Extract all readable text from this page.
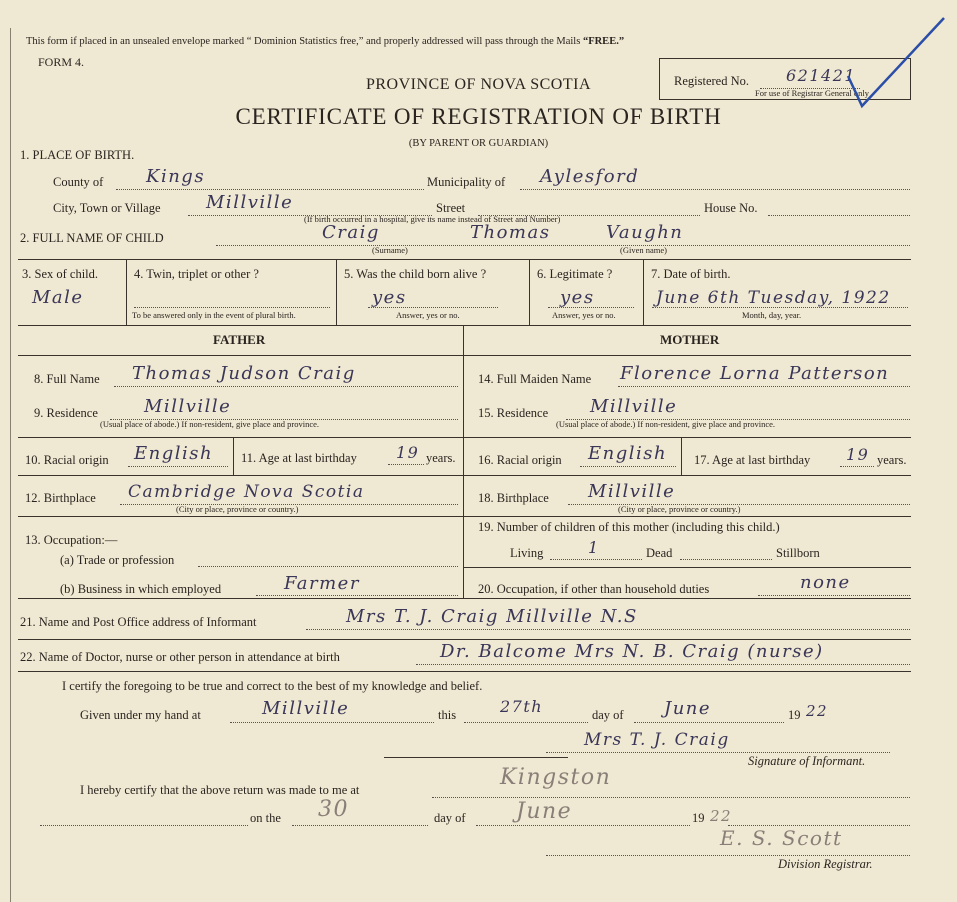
This form if placed in an unsealed envelope marked “ Dominion Statistics free,” and properly addressed will pass through the Mails “FREE.”
FORM 4.
PROVINCE OF NOVA SCOTIA
CERTIFICATE OF REGISTRATION OF BIRTH
(BY PARENT OR GUARDIAN)
Registered No. 621421
For use of Registrar General only
1. PLACE OF BIRTH.
County of Kings	Municipality of Aylesford
City, Town or Village	Millville	Street	House No.
(If birth occurred in a hospital, give its name instead of Street and Number)
2. FULL NAME OF CHILD	Craig	Thomas	Vaughn
(Surname)	(Given name)
3. Sex of child.
Male
4. Twin, triplet or other ?
To be answered only in the event of plural birth.
5. Was the child born alive ?
yes
Answer, yes or no.
6. Legitimate ?
yes
Answer, yes or no.
7. Date of birth.
June 6th Tuesday, 1922
Month, day, year.
FATHER	MOTHER
8. Full Name Thomas Judson Craig
9. Residence	Millville
(Usual place of abode.) If non-resident, give place and province.
10. Racial origin English 11. Age at last birthday 19 years.
12. Birthplace Cambridge Nova Scotia
(City or place, province or country.)
13. Occupation:—
(a) Trade or profession
(b) Business in which employed	Farmer
14. Full Maiden Name Florence Lorna Patterson
15. Residence Millville
(Usual place of abode.) If non-resident, give place and province.
16. Racial origin English 17. Age at last birthday 19 years.
18. Birthplace Millville
(City or place, province or country.)
19. Number of children of this mother (including this child.)
Living	1	Dead	Stillborn
20. Occupation, if other than household duties	none
21. Name and Post Office address of Informant	Mrs T. J. Craig Millville N.S
22. Name of Doctor, nurse or other person in attendance at birth	Dr. Balcome Mrs N. B. Craig (nurse)
I certify the foregoing to be true and correct to the best of my knowledge and belief.
Given under my hand at	Millville	this	27th	day of June	19 22
Mrs T. J. Craig
Signature of Informant.
I hereby certify that the above return was made to me at	Kingston
on the 30	day of June	19 22
E. S. Scott
Division Registrar.
